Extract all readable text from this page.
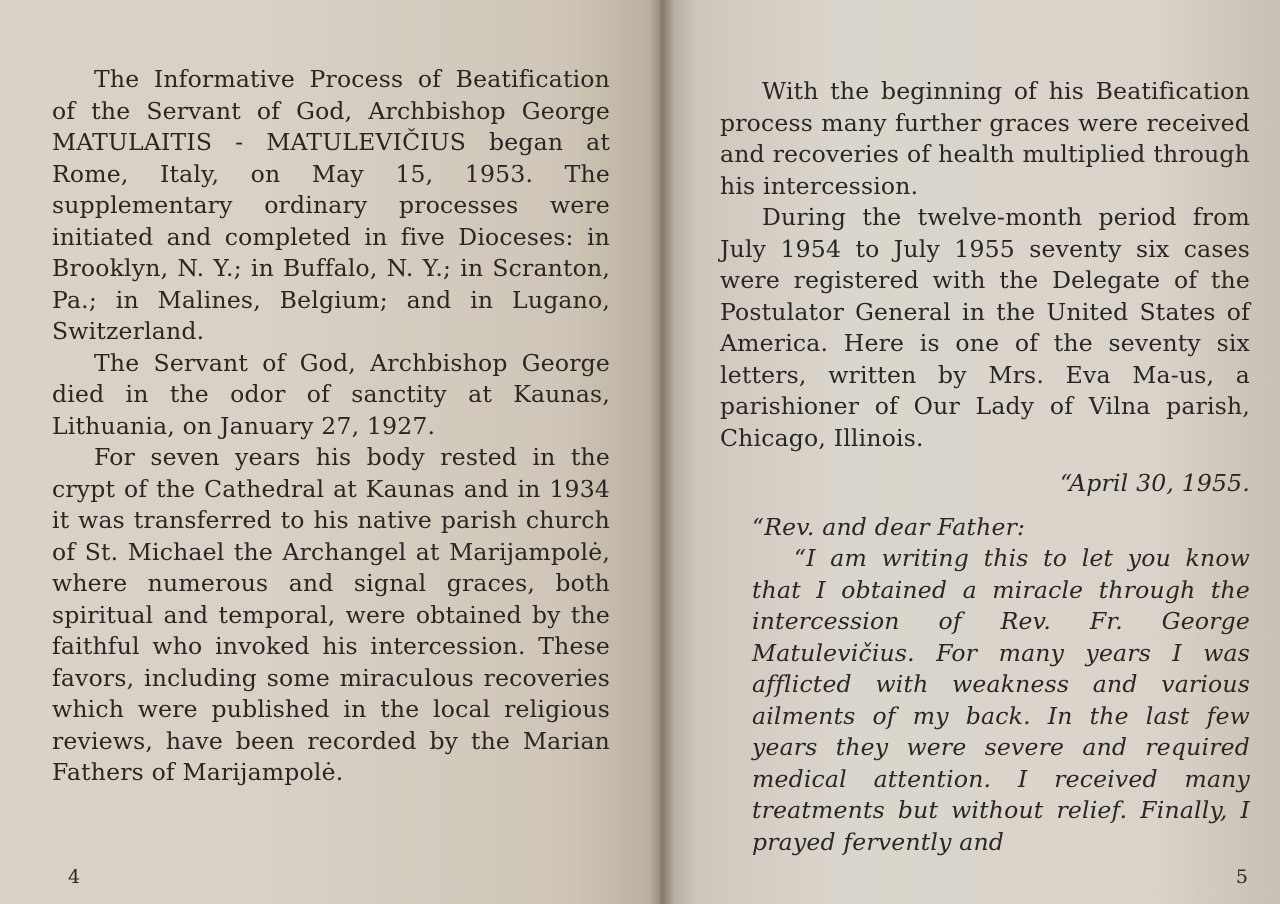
The Informative Process of Beatification of the Servant of God, Archbishop George MATULAITIS - MATULEVIČIUS began at Rome, Italy, on May 15, 1953. The supplementary ordinary processes were initiated and completed in five Dioceses: in Brooklyn, N. Y.; in Buffalo, N. Y.; in Scranton, Pa.; in Malines, Belgium; and in Lugano, Switzerland.

The Servant of God, Archbishop George died in the odor of sanctity at Kaunas, Lithuania, on January 27, 1927.

For seven years his body rested in the crypt of the Cathedral at Kaunas and in 1934 it was transferred to his native parish church of St. Michael the Archangel at Marijampolė, where numerous and signal graces, both spiritual and temporal, were obtained by the faithful who invoked his intercession. These favors, including some miraculous recoveries which were published in the local religious reviews, have been recorded by the Marian Fathers of Marijampolė.

4

With the beginning of his Beatification process many further graces were received and recoveries of health multiplied through his intercession.

During the twelve-month period from July 1954 to July 1955 seventy six cases were registered with the Delegate of the Postulator General in the United States of America. Here is one of the seventy six letters, written by Mrs. Eva Ma-us, a parishioner of Our Lady of Vilna parish, Chicago, Illinois.

“April 30, 1955.

“Rev. and dear Father:

“I am writing this to let you know that I obtained a miracle through the intercession of Rev. Fr. George Matulevičius. For many years I was afflicted with weakness and various ailments of my back. In the last few years they were severe and required medical attention. I received many treatments but without relief. Finally, I prayed fervently and

5
